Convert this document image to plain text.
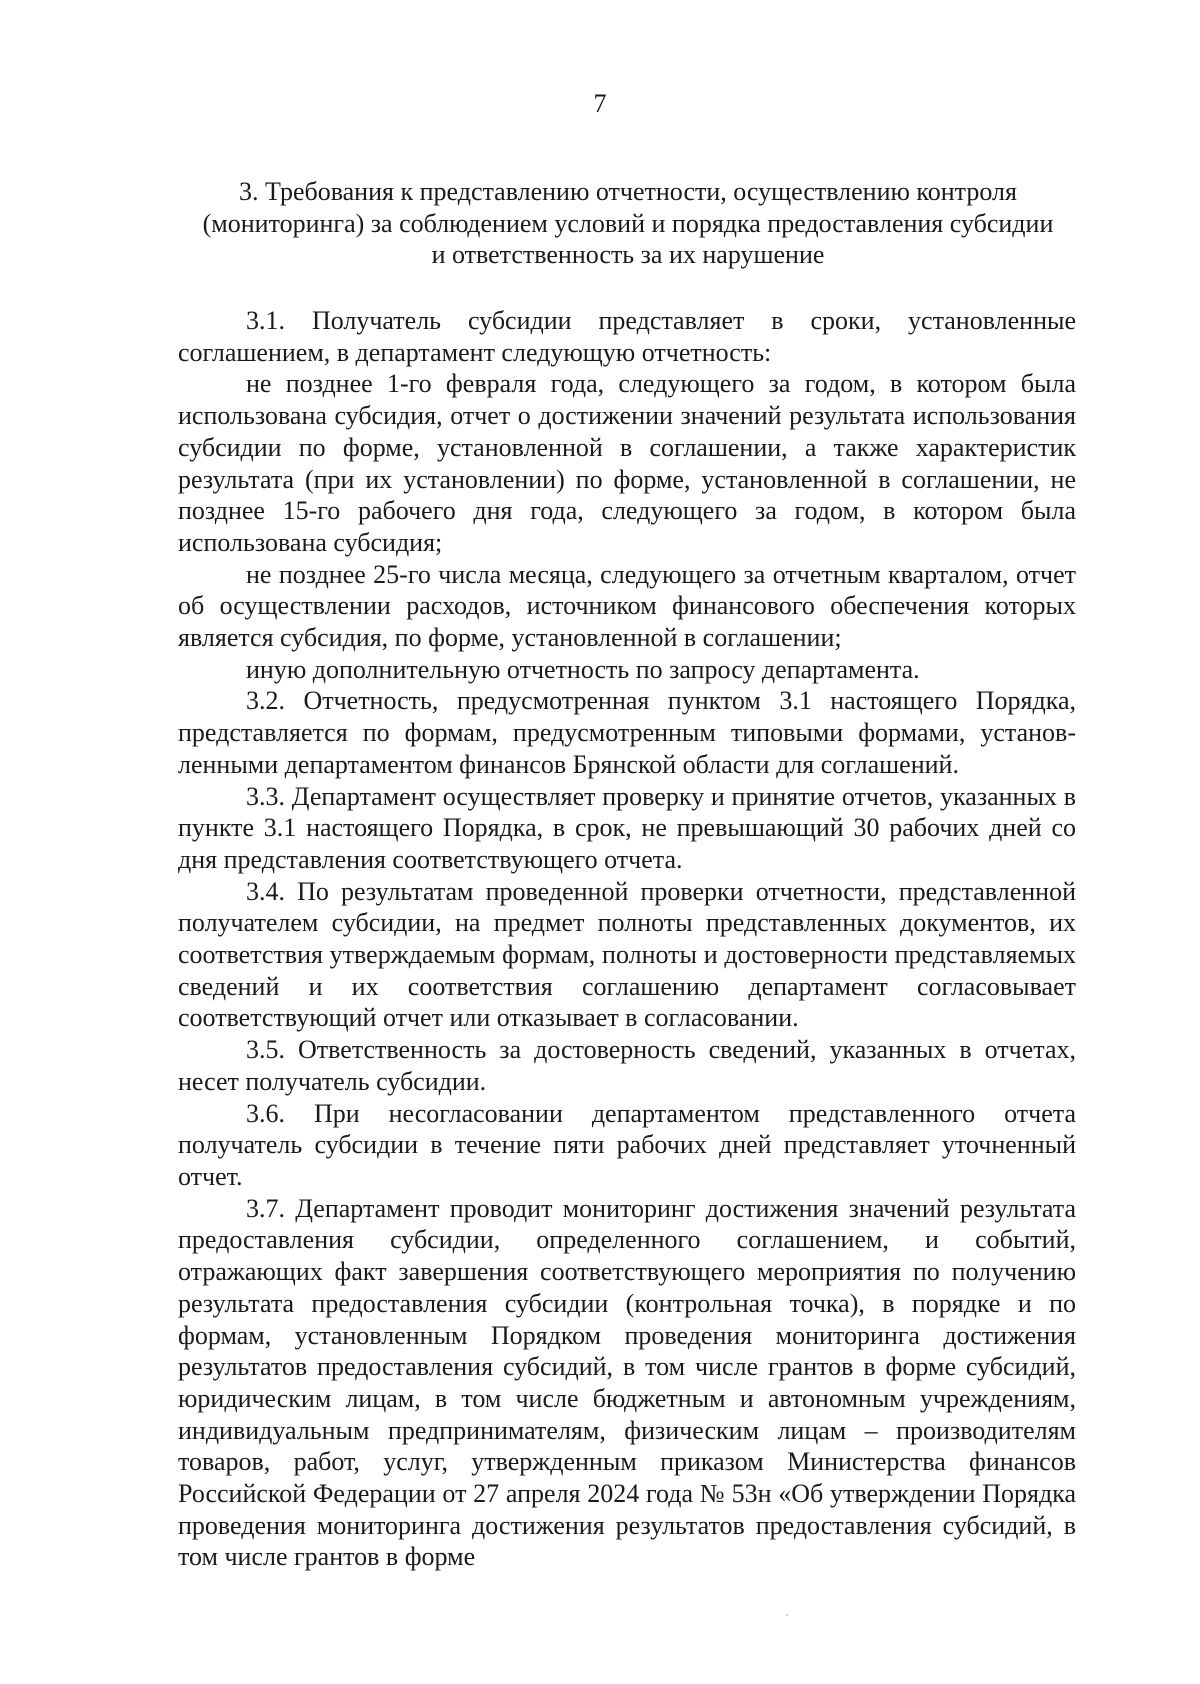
7
3. Требования к представлению отчетности, осуществлению контроля
(мониторинга) за соблюдением условий и порядка предоставления субсидии
и ответственность за их нарушение

3.1. Получатель субсидии представляет в сроки, установленные соглашением, в департамент следующую отчетность:

не позднее 1-го февраля года, следующего за годом, в котором была использована субсидия, отчет о достижении значений результата использования субсидии по форме, установленной в соглашении, а также характеристик результата (при их установлении) по форме, установленной в соглашении, не позднее 15-го рабочего дня года, следующего за годом, в котором была использована субсидия;

не позднее 25-го числа месяца, следующего за отчетным кварталом, отчет об осуществлении расходов, источником финансового обеспечения которых является субсидия, по форме, установленной в соглашении;

иную дополнительную отчетность по запросу департамента.

3.2. Отчетность, предусмотренная пунктом 3.1 настоящего Порядка, представляется по формам, предусмотренным типовыми формами, установленными департаментом финансов Брянской области для соглашений.

3.3. Департамент осуществляет проверку и принятие отчетов, указанных в пункте 3.1 настоящего Порядка, в срок, не превышающий 30 рабочих дней со дня представления соответствующего отчета.

3.4. По результатам проведенной проверки отчетности, представленной получателем субсидии, на предмет полноты представленных документов, их соответствия утверждаемым формам, полноты и достоверности представляемых сведений и их соответствия соглашению департамент согласовывает соответствующий отчет или отказывает в согласовании.

3.5. Ответственность за достоверность сведений, указанных в отчетах, несет получатель субсидии.

3.6. При несогласовании департаментом представленного отчета получатель субсидии в течение пяти рабочих дней представляет уточненный отчет.

3.7. Департамент проводит мониторинг достижения значений результата предоставления субсидии, определенного соглашением, и событий, отражающих факт завершения соответствующего мероприятия по получению результата предоставления субсидии (контрольная точка), в порядке и по формам, установленным Порядком проведения мониторинга достижения результатов предоставления субсидий, в том числе грантов в форме субсидий, юридическим лицам, в том числе бюджетным и автономным учреждениям, индивидуальным предпринимателям, физическим лицам – производителям товаров, работ, услуг, утвержденным приказом Министерства финансов Российской Федерации от 27 апреля 2024 года № 53н «Об утверждении Порядка проведения мониторинга достижения результатов предоставления субсидий, в том числе грантов в форме
